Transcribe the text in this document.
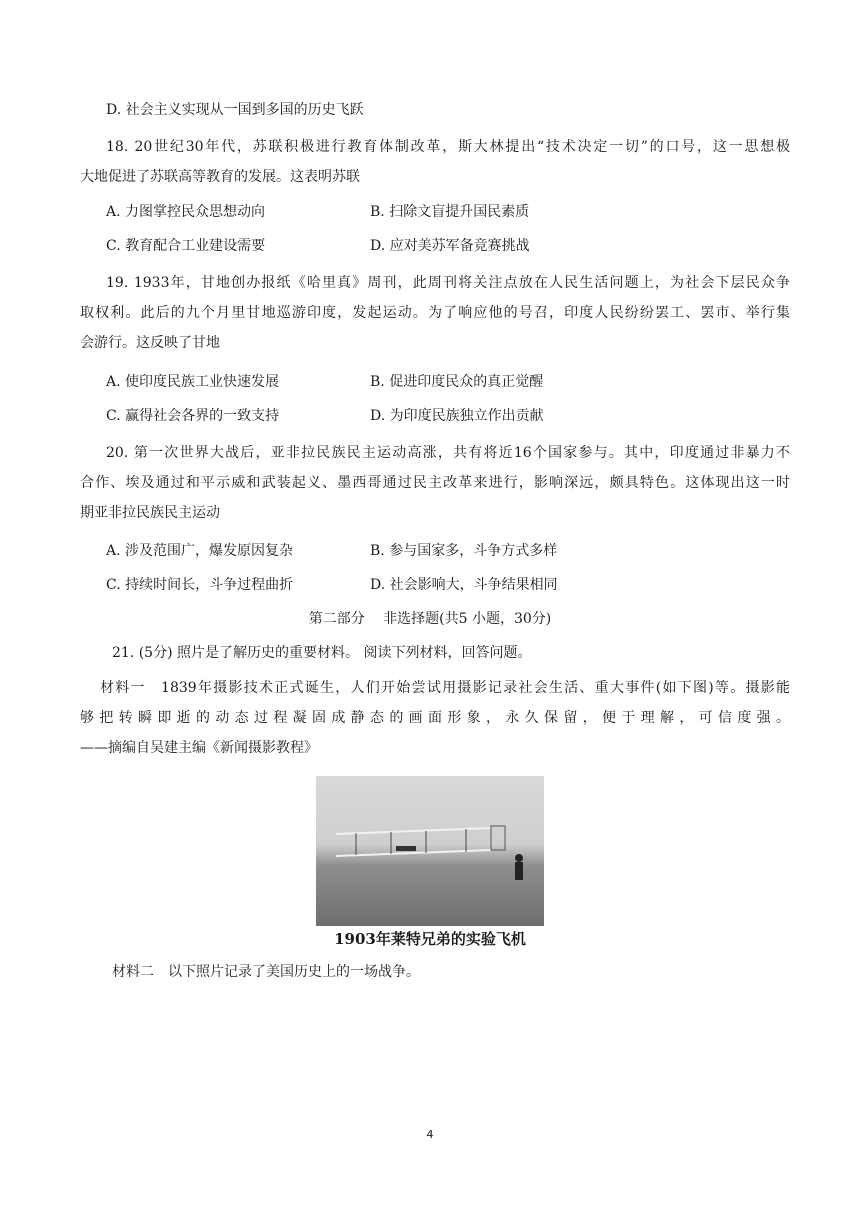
D. 社会主义实现从一国到多国的历史飞跃
18. 20世纪30年代，苏联积极进行教育体制改革，斯大林提出“技术决定一切”的口号，这一思想极
大地促进了苏联高等教育的发展。这表明苏联
A. 力图掌控民众思想动向	B. 扫除文盲提升国民素质
C. 教育配合工业建设需要	D. 应对美苏军备竞赛挑战
19. 1933年，甘地创办报纸《哈里真》周刊，此周刊将关注点放在人民生活问题上，为社会下层民众争
取权利。此后的九个月里甘地巡游印度，发起运动。为了响应他的号召，印度人民纷纷罢工、罢市、举行集
会游行。这反映了甘地
A. 使印度民族工业快速发展	B. 促进印度民众的真正觉醒
C. 赢得社会各界的一致支持	D. 为印度民族独立作出贡献
20. 第一次世界大战后，亚非拉民族民主运动高涨，共有将近16个国家参与。其中，印度通过非暴力不
合作、埃及通过和平示威和武装起义、墨西哥通过民主改革来进行，影响深远，颇具特色。这体现出这一时
期亚非拉民族民主运动
A. 涉及范围广，爆发原因复杂	B. 参与国家多，斗争方式多样
C. 持续时间长，斗争过程曲折	D. 社会影响大，斗争结果相同
第二部分　 非选择题(共5 小题，30分)
21. (5分) 照片是了解历史的重要材料。 阅读下列材料，回答问题。
材料一　1839年摄影技术正式诞生，人们开始尝试用摄影记录社会生活、重大事件(如下图)等。摄影能
够把转瞬即逝的动态过程凝固成静态的画面形象，永久保留，便于理解，可信度强。
——摘编自吴建主编《新闻摄影教程》
1903年莱特兄弟的实验飞机
材料二　以下照片记录了美国历史上的一场战争。
4
